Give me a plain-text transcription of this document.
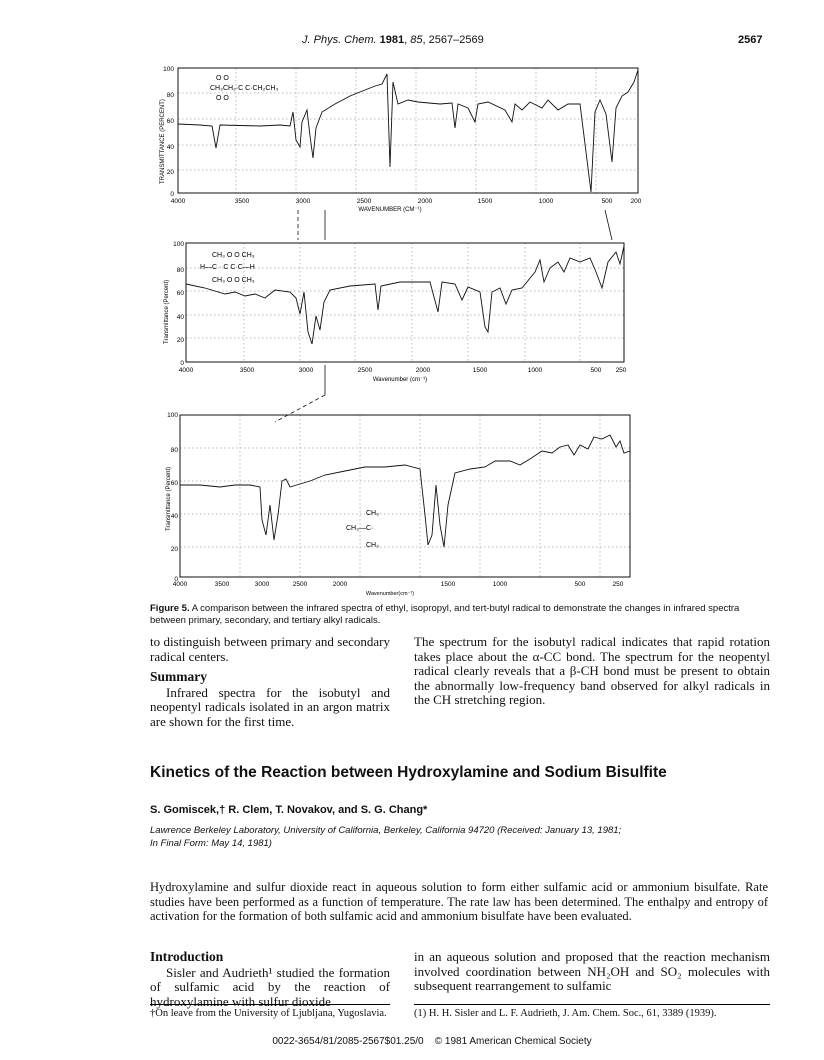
J. Phys. Chem. 1981, 85, 2567–2569	2567
TRANSMITTANCE (PERCENT)
100
80
60
40
20
0
O O
CH₃CH₂·C C·CH₂CH₃
O O
4000	3500	3000	2500	2000	1500	1000	500	200
WAVENUMBER (CM⁻¹)
Transmittance (Percent)
100
80
60
40
20
0
CH₃ O O CH₃
H—C · C C·C—H
CH₃ O O CH₃
4000	3500	3000	2500	2000	1500	1000	500 250
Wavenumber (cm⁻¹)
Transmittance (Percent)
100
80
60
40
20
0
CH₃
CH₃—C·
CH₃
4000	3500	3000	2500	2000	1500	1000	500	250
Wavenumber(cm⁻¹)
Figure 5. A comparison between the infrared spectra of ethyl, isopropyl, and tert-butyl radical to demonstrate the changes in infrared spectra between primary, secondary, and tertiary alkyl radicals.

to distinguish between primary and secondary radical centers.

Summary

Infrared spectra for the isobutyl and neopentyl radicals isolated in an argon matrix are shown for the first time.

The spectrum for the isobutyl radical indicates that rapid rotation takes place about the α-CC bond. The spectrum for the neopentyl radical clearly reveals that a β-CH bond must be present to obtain the abnormally low-frequency band observed for alkyl radicals in the CH stretching region.

Kinetics of the Reaction between Hydroxylamine and Sodium Bisulfite
S. Gomiscek,† R. Clem, T. Novakov, and S. G. Chang*
Lawrence Berkeley Laboratory, University of California, Berkeley, California 94720 (Received: January 13, 1981;
In Final Form: May 14, 1981)
Hydroxylamine and sulfur dioxide react in aqueous solution to form either sulfamic acid or ammonium bisulfate. Rate studies have been performed as a function of temperature. The rate law has been determined. The enthalpy and entropy of activation for the formation of both sulfamic acid and ammonium bisulfate have been evaluated.
Introduction

Sisler and Audrieth¹ studied the formation of sulfamic acid by the reaction of hydroxylamine with sulfur dioxide

in an aqueous solution and proposed that the reaction mechanism involved coordination between NH₂OH and SO₂ molecules with subsequent rearrangement to sulfamic

†On leave from the University of Ljubljana, Yugoslavia.	(1) H. H. Sisler and L. F. Audrieth, J. Am. Chem. Soc., 61, 3389 (1939).
0022-3654/81/2085-2567$01.25/0 © 1981 American Chemical Society
